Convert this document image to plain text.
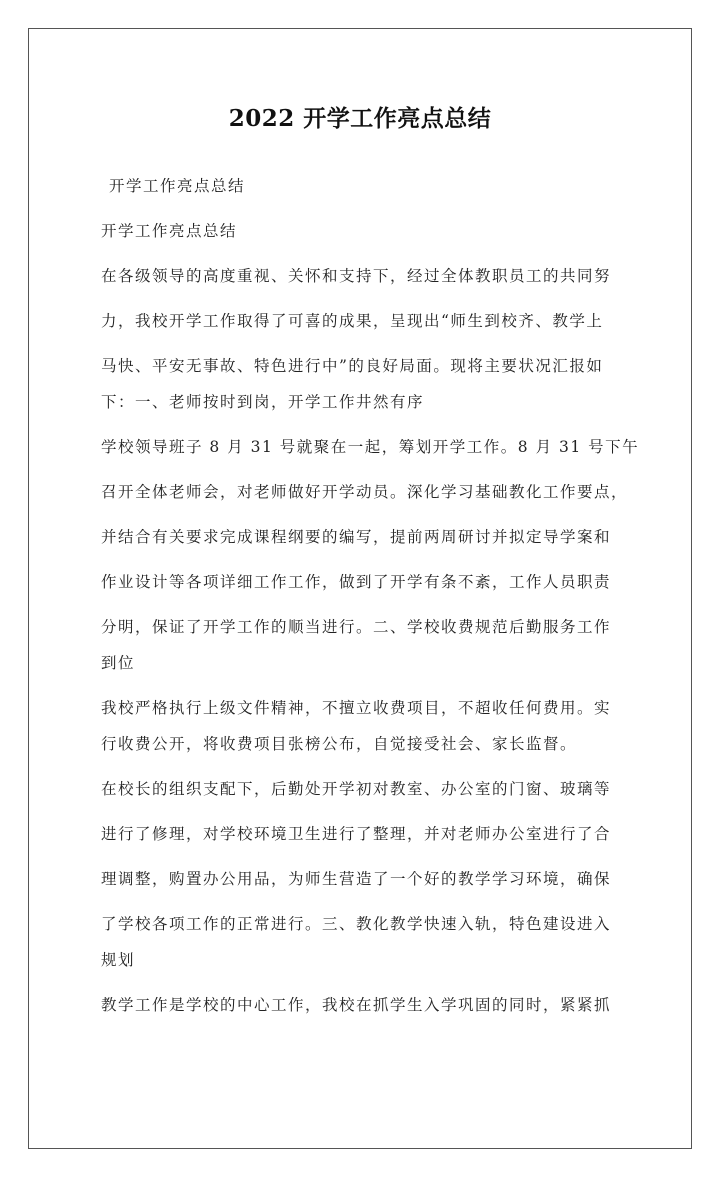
2022 开学工作亮点总结

开学工作亮点总结

开学工作亮点总结

在各级领导的高度重视、关怀和支持下，经过全体教职员工的共同努

力，我校开学工作取得了可喜的成果，呈现出“师生到校齐、教学上

马快、平安无事故、特色进行中”的良好局面。现将主要状况汇报如

下：一、老师按时到岗，开学工作井然有序

学校领导班子 8 月 31 号就聚在一起，筹划开学工作。8 月 31 号下午

召开全体老师会，对老师做好开学动员。深化学习基础教化工作要点，

并结合有关要求完成课程纲要的编写，提前两周研讨并拟定导学案和

作业设计等各项详细工作工作，做到了开学有条不紊，工作人员职责

分明，保证了开学工作的顺当进行。二、学校收费规范后勤服务工作

到位

我校严格执行上级文件精神，不擅立收费项目，不超收任何费用。实

行收费公开，将收费项目张榜公布，自觉接受社会、家长监督。

在校长的组织支配下，后勤处开学初对教室、办公室的门窗、玻璃等

进行了修理，对学校环境卫生进行了整理，并对老师办公室进行了合

理调整，购置办公用品，为师生营造了一个好的教学学习环境，确保

了学校各项工作的正常进行。三、教化教学快速入轨，特色建设进入

规划

教学工作是学校的中心工作，我校在抓学生入学巩固的同时，紧紧抓
